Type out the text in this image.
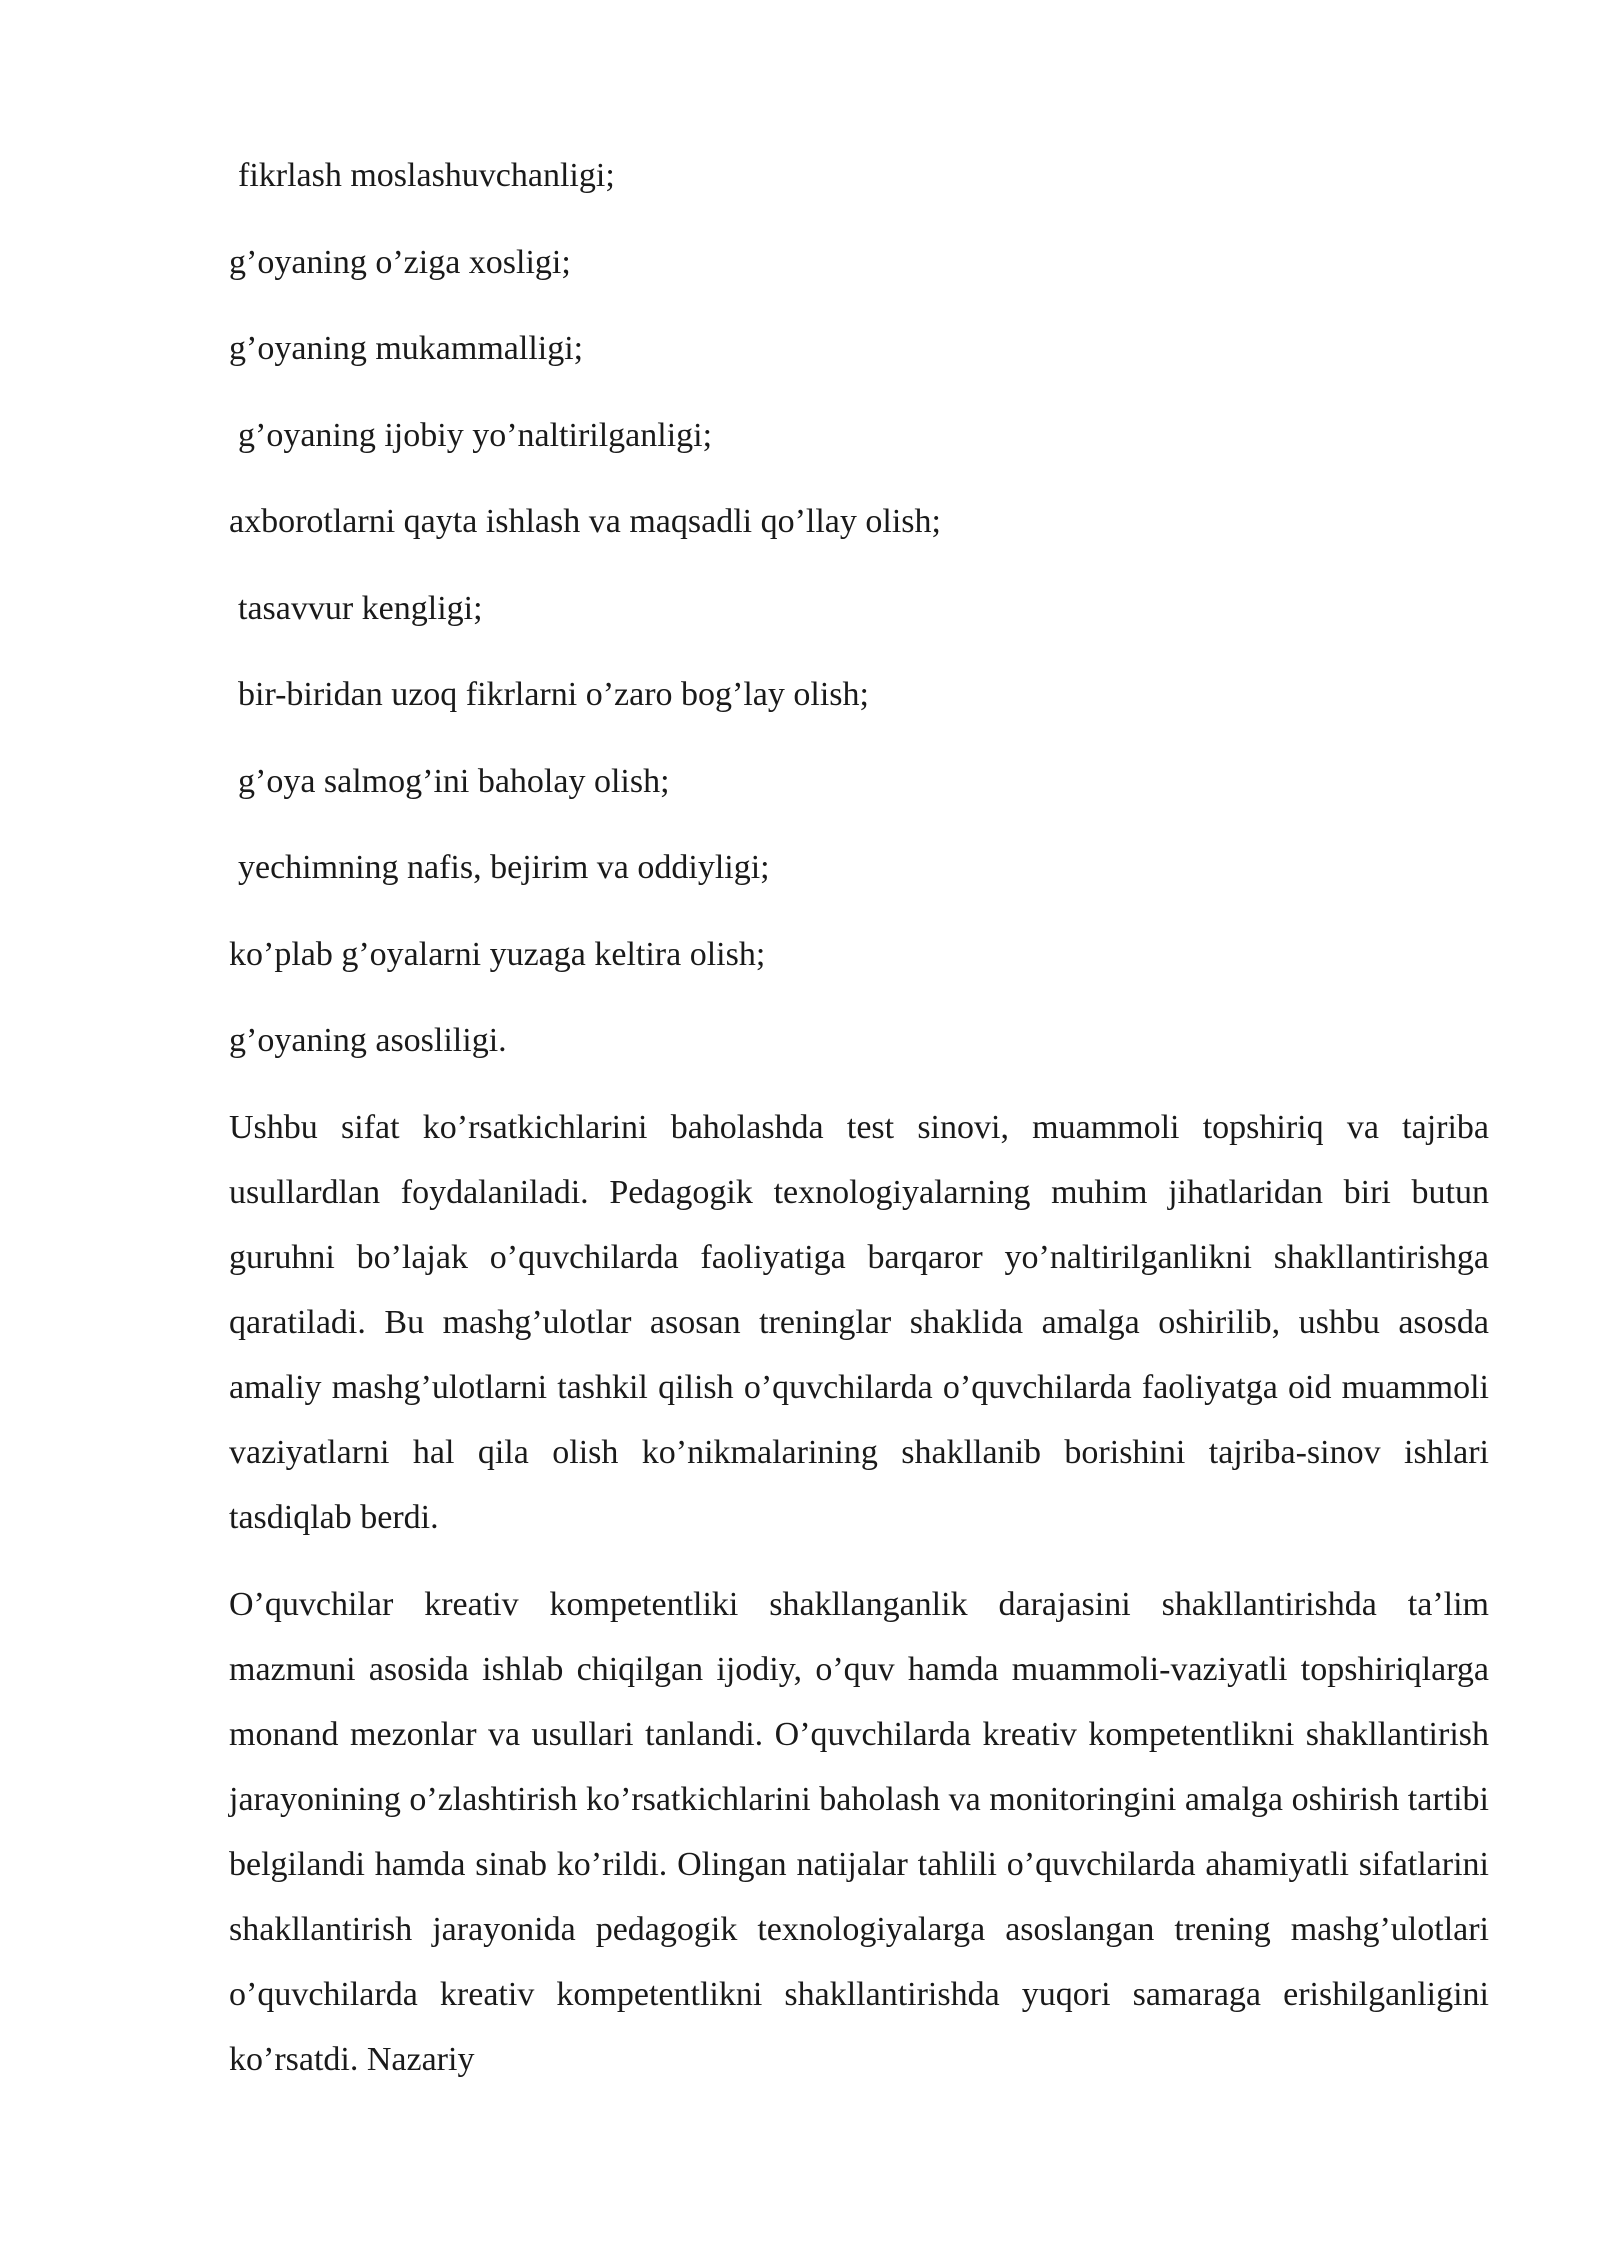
fikrlash moslashuvchanligi;
g’oyaning o’ziga xosligi;
g’oyaning mukammalligi;
g’oyaning ijobiy yo’naltirilganligi;
axborotlarni qayta ishlash va maqsadli qo’llay olish;
tasavvur kengligi;
bir-biridan uzoq fikrlarni o’zaro bog’lay olish;
g’oya salmog’ini baholay olish;
yechimning nafis, bejirim va oddiyligi;
ko’plab g’oyalarni yuzaga keltira olish;
g’oyaning asosliligi.

Ushbu sifat ko’rsatkichlarini baholashda test sinovi, muammoli topshiriq va tajriba usullardlan foydalaniladi. Pedagogik texnologiyalarning muhim jihatlaridan biri butun guruhni bo’lajak o’quvchilarda faoliyatiga barqaror yo’naltirilganlikni shakllantirishga qaratiladi. Bu mashg’ulotlar asosan treninglar shaklida amalga oshirilib, ushbu asosda amaliy mashg’ulotlarni tashkil qilish o’quvchilarda o’quvchilarda faoliyatga oid muammoli vaziyatlarni hal qila olish ko’nikmalarining shakllanib borishini tajriba-sinov ishlari tasdiqlab berdi.

O’quvchilar kreativ kompetentliki shakllanganlik darajasini shakllantirishda ta’lim mazmuni asosida ishlab chiqilgan ijodiy, o’quv hamda muammoli-vaziyatli topshiriqlarga monand mezonlar va usullari tanlandi. O’quvchilarda kreativ kompetentlikni shakllantirish jarayonining o’zlashtirish ko’rsatkichlarini baholash va monitoringini amalga oshirish tartibi belgilandi hamda sinab ko’rildi. Olingan natijalar tahlili o’quvchilarda ahamiyatli sifatlarini shakllantirish jarayonida pedagogik texnologiyalarga asoslangan trening mashg’ulotlari o’quvchilarda kreativ kompetentlikni shakllantirishda yuqori samaraga erishilganligini ko’rsatdi. Nazariy
